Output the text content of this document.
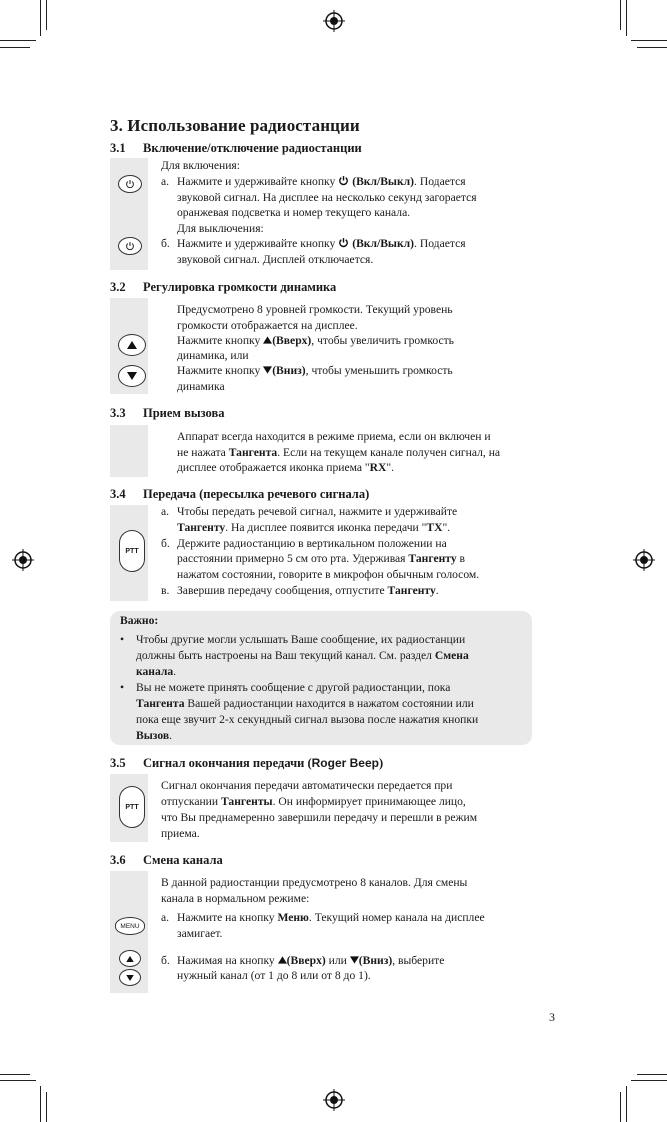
3. Использование радиостанции
3.1 Включение/отключение радиостанции
Для включения:
а. Нажмите и удерживайте кнопку (Вкл/Выкл). Подается
звуковой сигнал. На дисплее на несколько секунд загорается
оранжевая подсветка и номер текущего канала.
Для выключения:
б. Нажмите и удерживайте кнопку (Вкл/Выкл). Подается
звуковой сигнал. Дисплей отключается.
3.2 Регулировка громкости динамика
Предусмотрено 8 уровней громкости. Текущий уровень
громкости отображается на дисплее.
Нажмите кнопку (Вверх), чтобы увеличить громкость
динамика, или
Нажмите кнопку (Вниз), чтобы уменьшить громкость
динамика
3.3 Прием вызова
Аппарат всегда находится в режиме приема, если он включен и
не нажата Тангента. Если на текущем канале получен сигнал, на
дисплее отображается иконка приема "RX".
3.4 Передача (пересылка речевого сигнала)
PTT
а. Чтобы передать речевой сигнал, нажмите и удерживайте
Тангенту. На дисплее появится иконка передачи "TX".
б. Держите радиостанцию в вертикальном положении на
расстоянии примерно 5 см ото рта. Удерживая Тангенту в
нажатом состоянии, говорите в микрофон обычным голосом.
в. Завершив передачу сообщения, отпустите Тангенту.
Важно:
• Чтобы другие могли услышать Ваше сообщение, их радиостанции
должны быть настроены на Ваш текущий канал. См. раздел Смена
канала.
• Вы не можете принять сообщение с другой радиостанции, пока
Тангента Вашей радиостанции находится в нажатом состоянии или
пока еще звучит 2-х секундный сигнал вызова после нажатия кнопки
Вызов.
3.5 Сигнал окончания передачи (Roger Beep)
PTT
Сигнал окончания передачи автоматически передается при
отпускании Тангенты. Он информирует принимающее лицо,
что Вы преднамеренно завершили передачу и перешли в режим
приема.
3.6 Смена канала
MENU
В данной радиостанции предусмотрено 8 каналов. Для смены
канала в нормальном режиме:
а. Нажмите на кнопку Меню. Текущий номер канала на дисплее
замигает.
б. Нажимая на кнопку (Вверх) или (Вниз), выберите
нужный канал (от 1 до 8 или от 8 до 1).
3
